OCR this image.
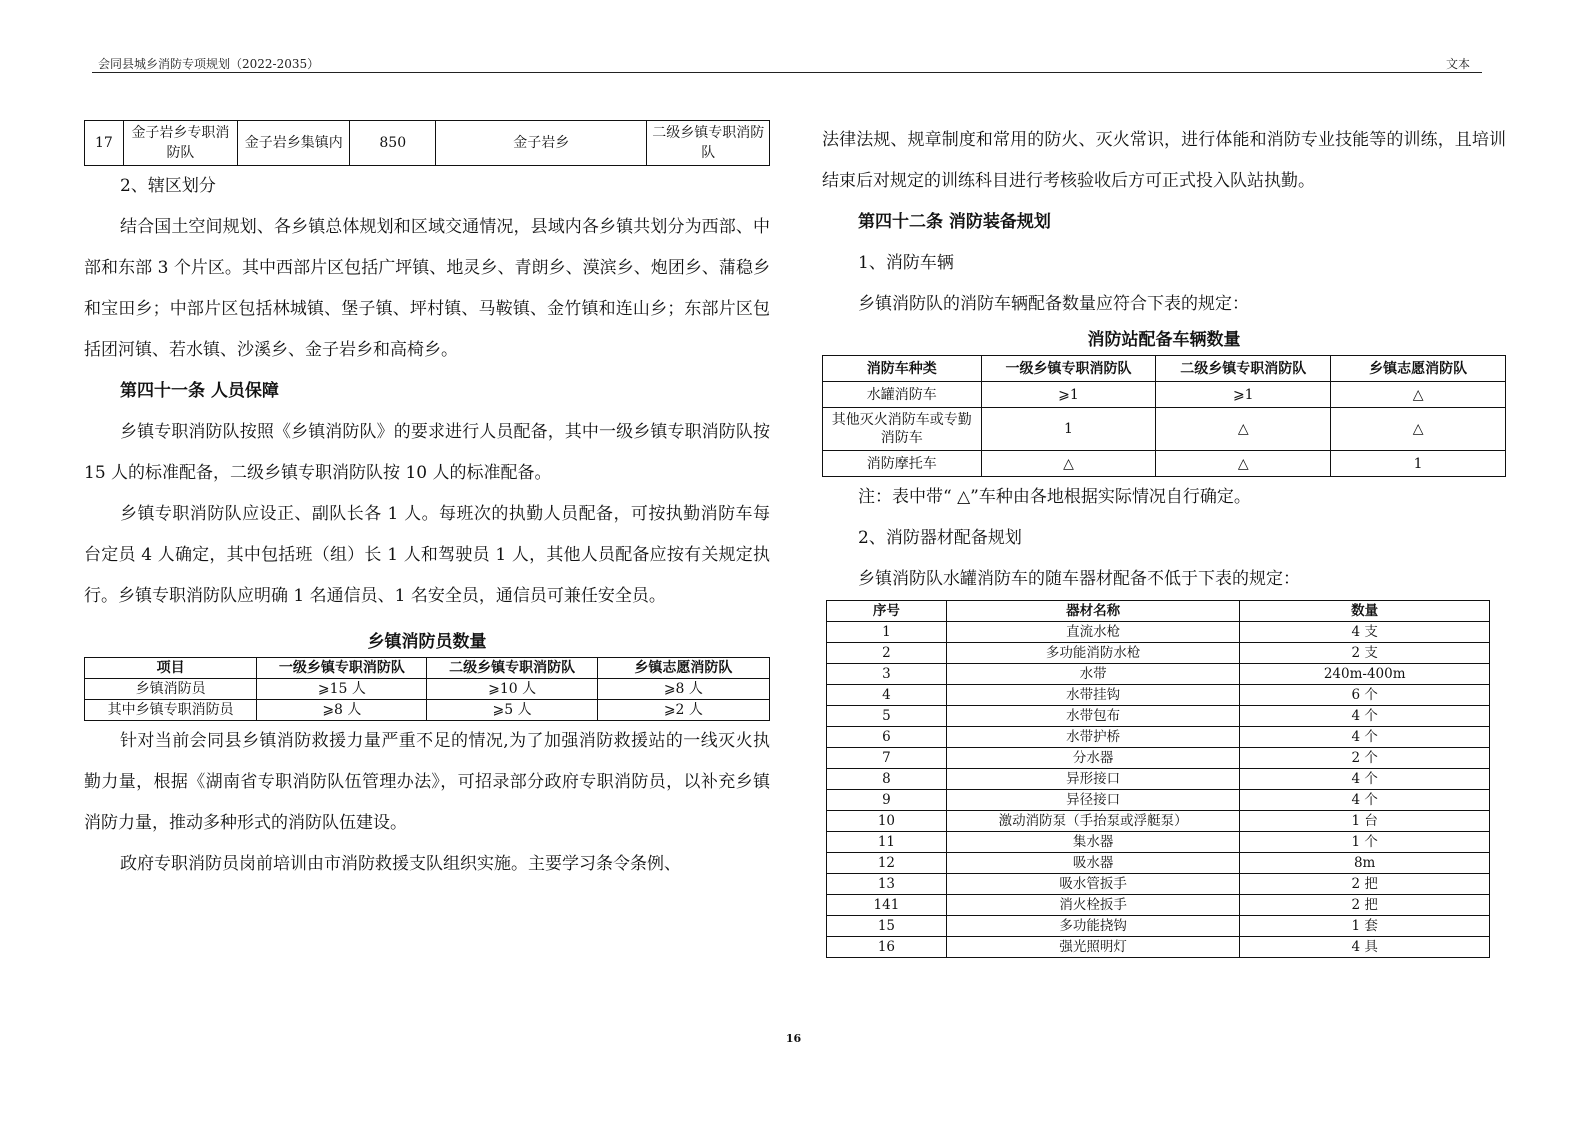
会同县城乡消防专项规划（2022-2035）	文本
17	金子岩乡专职消防队	金子岩乡集镇内	850	金子岩乡	二级乡镇专职消防队

2、辖区划分

结合国土空间规划、各乡镇总体规划和区域交通情况，县域内各乡镇共划分为西部、中部和东部 3 个片区。其中西部片区包括广坪镇、地灵乡、青朗乡、漠滨乡、炮团乡、蒲稳乡和宝田乡；中部片区包括林城镇、堡子镇、坪村镇、马鞍镇、金竹镇和连山乡；东部片区包括团河镇、若水镇、沙溪乡、金子岩乡和高椅乡。

第四十一条 人员保障

乡镇专职消防队按照《乡镇消防队》的要求进行人员配备，其中一级乡镇专职消防队按 15 人的标准配备，二级乡镇专职消防队按 10 人的标准配备。

乡镇专职消防队应设正、副队长各 1 人。每班次的执勤人员配备，可按执勤消防车每台定员 4 人确定，其中包括班（组）长 1 人和驾驶员 1 人，其他人员配备应按有关规定执行。乡镇专职消防队应明确 1 名通信员、1 名安全员，通信员可兼任安全员。

乡镇消防员数量
项目	一级乡镇专职消防队	二级乡镇专职消防队	乡镇志愿消防队
乡镇消防员	⩾15 人	⩾10 人	⩾8 人
其中乡镇专职消防员	⩾8 人	⩾5 人	⩾2 人

针对当前会同县乡镇消防救援力量严重不足的情况,为了加强消防救援站的一线灭火执勤力量，根据《湖南省专职消防队伍管理办法》，可招录部分政府专职消防员，以补充乡镇消防力量，推动多种形式的消防队伍建设。

政府专职消防员岗前培训由市消防救援支队组织实施。主要学习条令条例、

法律法规、规章制度和常用的防火、灭火常识，进行体能和消防专业技能等的训练，且培训结束后对规定的训练科目进行考核验收后方可正式投入队站执勤。

第四十二条 消防装备规划

1、消防车辆

乡镇消防队的消防车辆配备数量应符合下表的规定：

消防站配备车辆数量
消防车种类	一级乡镇专职消防队	二级乡镇专职消防队	乡镇志愿消防队
水罐消防车	⩾1	⩾1	△
其他灭火消防车或专勤消防车	1	△	△
消防摩托车	△	△	1

注：表中带“ △”车种由各地根据实际情况自行确定。

2、消防器材配备规划

乡镇消防队水罐消防车的随车器材配备不低于下表的规定：

序号	器材名称	数量
1	直流水枪	4 支
2	多功能消防水枪	2 支
3	水带	240m-400m
4	水带挂钩	6 个
5	水带包布	4 个
6	水带护桥	4 个
7	分水器	2 个
8	异形接口	4 个
9	异径接口	4 个
10	激动消防泵（手抬泵或浮艇泵）	1 台
11	集水器	1 个
12	吸水器	8m
13	吸水管扳手	2 把
141	消火栓扳手	2 把
15	多功能挠钩	1 套
16	强光照明灯	4 具
16
